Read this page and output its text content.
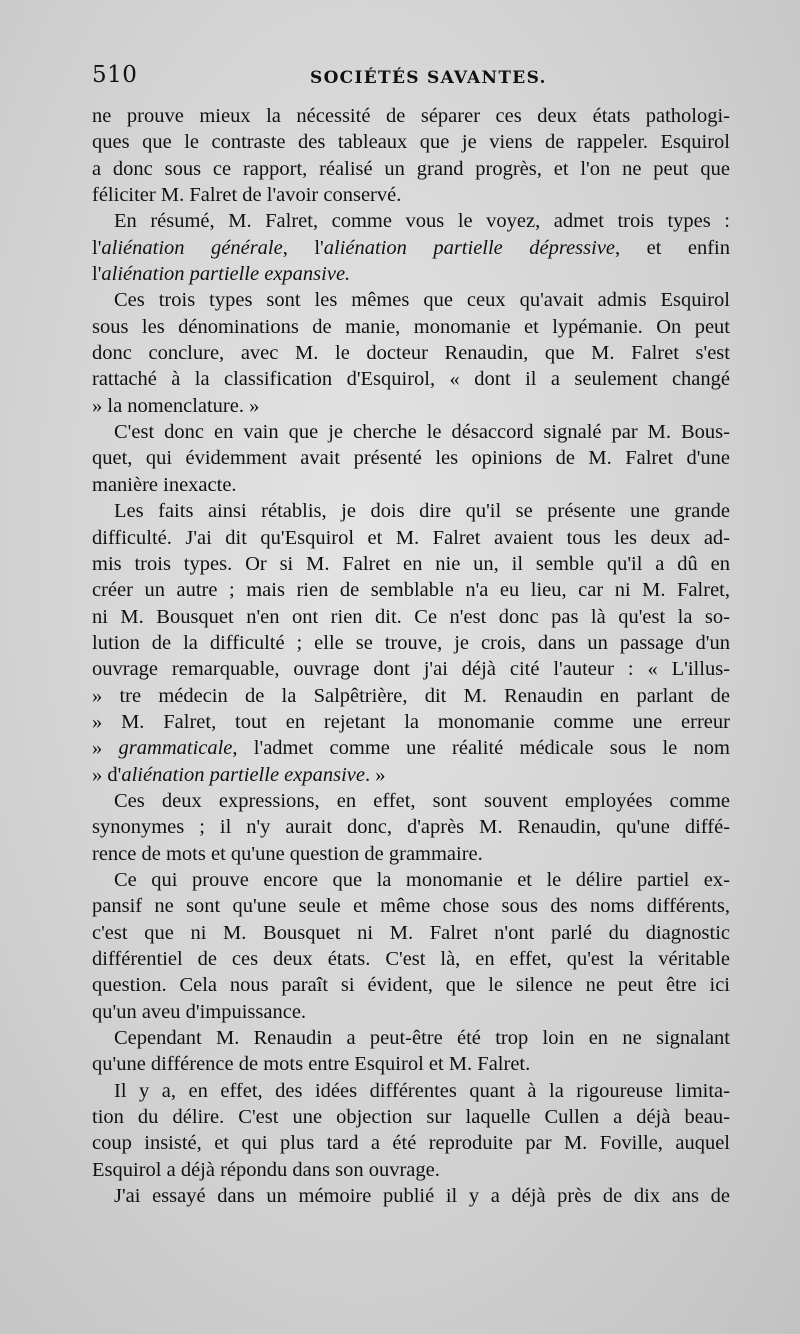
510	SOCIÉTÉS SAVANTES.
ne prouve mieux la nécessité de séparer ces deux états pathologi-
ques que le contraste des tableaux que je viens de rappeler. Esquirol
a donc sous ce rapport, réalisé un grand progrès, et l'on ne peut que
féliciter M. Falret de l'avoir conservé.
En résumé, M. Falret, comme vous le voyez, admet trois types :
l'aliénation générale, l'aliénation partielle dépressive, et enfin
l'aliénation partielle expansive.
Ces trois types sont les mêmes que ceux qu'avait admis Esquirol
sous les dénominations de manie, monomanie et lypémanie. On peut
donc conclure, avec M. le docteur Renaudin, que M. Falret s'est
rattaché à la classification d'Esquirol, « dont il a seulement changé
» la nomenclature. »
C'est donc en vain que je cherche le désaccord signalé par M. Bous-
quet, qui évidemment avait présenté les opinions de M. Falret d'une
manière inexacte.
Les faits ainsi rétablis, je dois dire qu'il se présente une grande
difficulté. J'ai dit qu'Esquirol et M. Falret avaient tous les deux ad-
mis trois types. Or si M. Falret en nie un, il semble qu'il a dû en
créer un autre ; mais rien de semblable n'a eu lieu, car ni M. Falret,
ni M. Bousquet n'en ont rien dit. Ce n'est donc pas là qu'est la so-
lution de la difficulté ; elle se trouve, je crois, dans un passage d'un
ouvrage remarquable, ouvrage dont j'ai déjà cité l'auteur : « L'illus-
» tre médecin de la Salpêtrière, dit M. Renaudin en parlant de
» M. Falret, tout en rejetant la monomanie comme une erreur
» grammaticale, l'admet comme une réalité médicale sous le nom
» d'aliénation partielle expansive. »
Ces deux expressions, en effet, sont souvent employées comme
synonymes ; il n'y aurait donc, d'après M. Renaudin, qu'une diffé-
rence de mots et qu'une question de grammaire.
Ce qui prouve encore que la monomanie et le délire partiel ex-
pansif ne sont qu'une seule et même chose sous des noms différents,
c'est que ni M. Bousquet ni M. Falret n'ont parlé du diagnostic
différentiel de ces deux états. C'est là, en effet, qu'est la véritable
question. Cela nous paraît si évident, que le silence ne peut être ici
qu'un aveu d'impuissance.
Cependant M. Renaudin a peut-être été trop loin en ne signalant
qu'une différence de mots entre Esquirol et M. Falret.
Il y a, en effet, des idées différentes quant à la rigoureuse limita-
tion du délire. C'est une objection sur laquelle Cullen a déjà beau-
coup insisté, et qui plus tard a été reproduite par M. Foville, auquel
Esquirol a déjà répondu dans son ouvrage.
J'ai essayé dans un mémoire publié il y a déjà près de dix ans de
